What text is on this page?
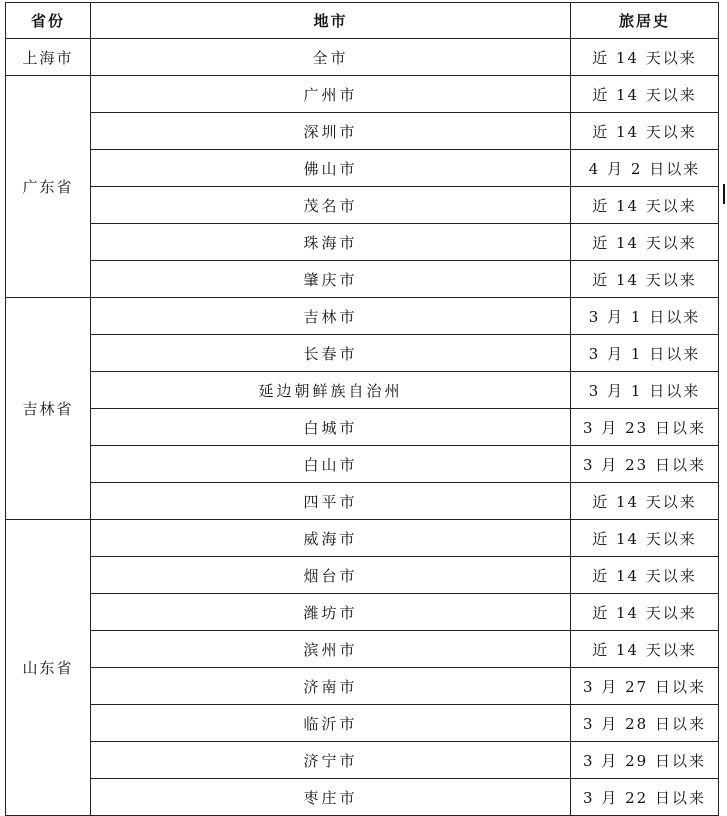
省份	地市	旅居史
上海市	全市	近 14 天以来
广东省	广州市	近 14 天以来
	深圳市	近 14 天以来
	佛山市	4 月 2 日以来
	茂名市	近 14 天以来
	珠海市	近 14 天以来
	肇庆市	近 14 天以来
吉林省	吉林市	3 月 1 日以来
	长春市	3 月 1 日以来
	延边朝鲜族自治州	3 月 1 日以来
	白城市	3 月 23 日以来
	白山市	3 月 23 日以来
	四平市	近 14 天以来
山东省	威海市	近 14 天以来
	烟台市	近 14 天以来
	潍坊市	近 14 天以来
	滨州市	近 14 天以来
	济南市	3 月 27 日以来
	临沂市	3 月 28 日以来
	济宁市	3 月 29 日以来
	枣庄市	3 月 22 日以来
